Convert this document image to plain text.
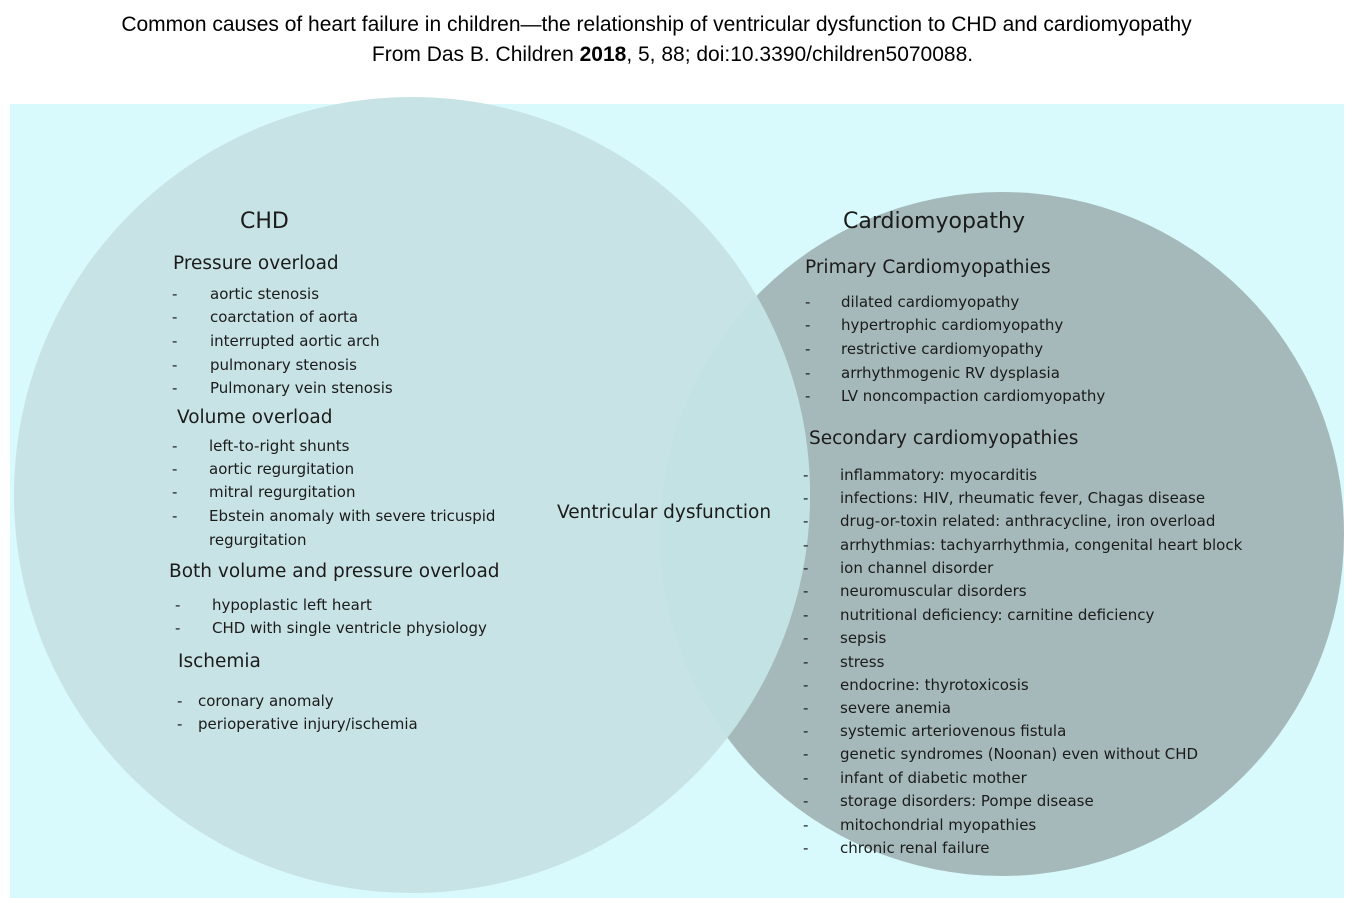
Common causes of heart failure in children—the relationship of ventricular dysfunction to CHD and cardiomyopathy
From Das B. Children 2018, 5, 88; doi:10.3390/children5070088.
CHD
Pressure overload
- aortic stenosis
- coarctation of aorta
- interrupted aortic arch
- pulmonary stenosis
- Pulmonary vein stenosis
Volume overload
- left-to-right shunts
- aortic regurgitation
- mitral regurgitation
- Ebstein anomaly with severe tricuspid
regurgitation
Both volume and pressure overload
- hypoplastic left heart
- CHD with single ventricle physiology
Ischemia
- coronary anomaly
- perioperative injury/ischemia
Ventricular dysfunction
Cardiomyopathy
Primary Cardiomyopathies
- dilated cardiomyopathy
- hypertrophic cardiomyopathy
- restrictive cardiomyopathy
- arrhythmogenic RV dysplasia
- LV noncompaction cardiomyopathy
Secondary cardiomyopathies
- inflammatory: myocarditis
- infections: HIV, rheumatic fever, Chagas disease
- drug-or-toxin related: anthracycline, iron overload
- arrhythmias: tachyarrhythmia, congenital heart block
- ion channel disorder
- neuromuscular disorders
- nutritional deficiency: carnitine deficiency
- sepsis
- stress
- endocrine: thyrotoxicosis
- severe anemia
- systemic arteriovenous fistula
- genetic syndromes (Noonan) even without CHD
- infant of diabetic mother
- storage disorders: Pompe disease
- mitochondrial myopathies
- chronic renal failure
